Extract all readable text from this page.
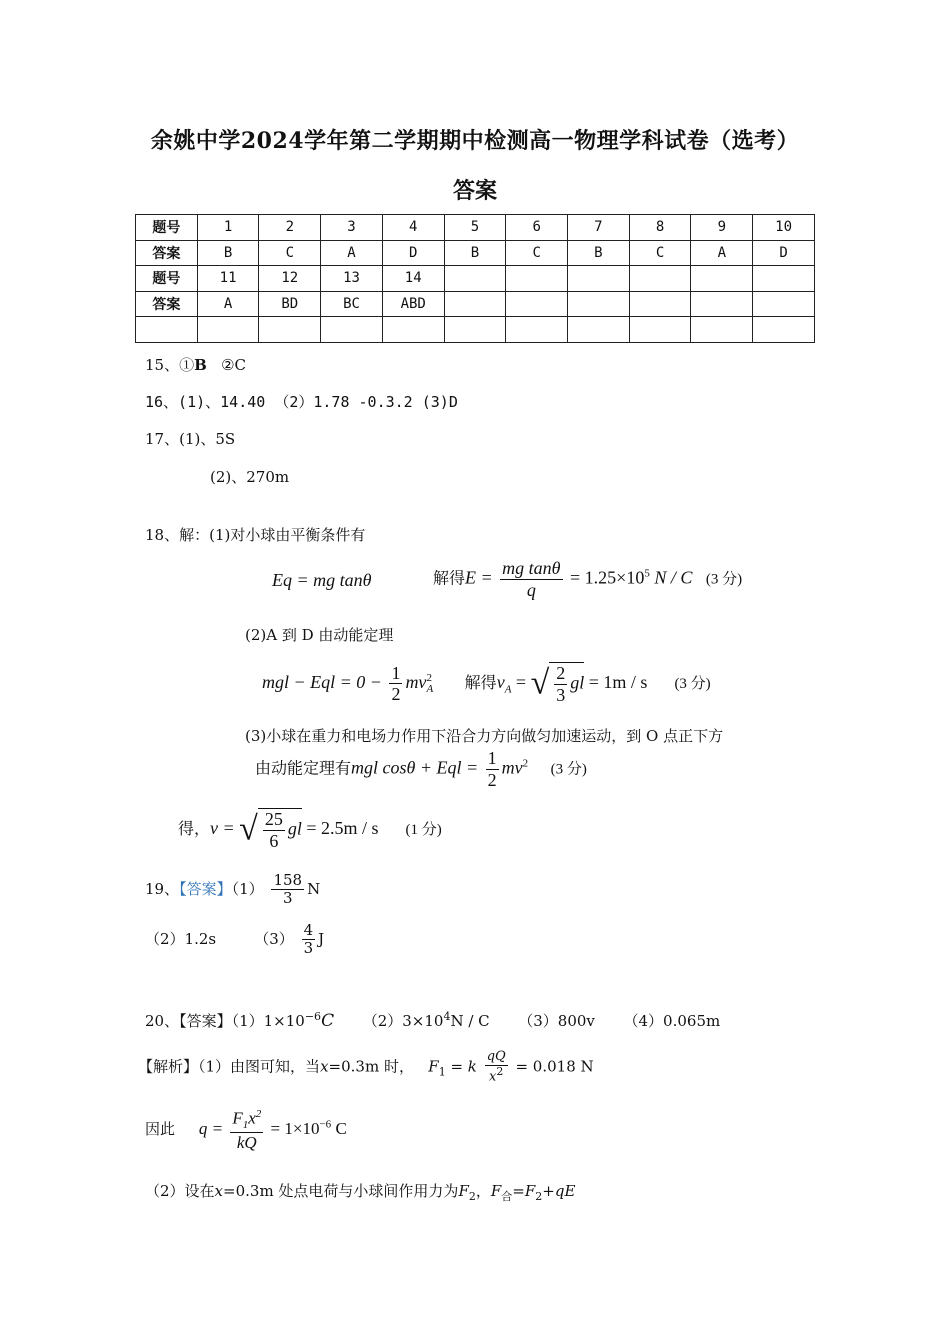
余姚中学2024学年第二学期期中检测高一物理学科试卷（选考）
答案
题号	1	2	3	4	5	6	7	8	9	10
答案	B	C	A	D	B	C	B	C	A	D
题号	11	12	13	14						
答案	A	BD	BC	ABD						

15、①B ②C
16、(1)、14.40 （2）1.78 -0.3.2 (3)D
17、(1)、5S
(2)、270m
18、解：(1)对小球由平衡条件有
Eq = mg tanθ	解得$E = \frac{\text{mg tanθ}}{q} = 1.25\times 10^5$ N / C (3 分)
(2)A 到 D 由动能定理
mgl − Eql = $0 - \frac{1}{2}$ mv 2
A 解得$v_A$ = √ $\frac{2}{3}$ gl = 1m / s (3 分)
(3)小球在重力和电场力作用下沿合力方向做匀加速运动，到 O 点正下方
由动能定理有mgl cosθ + Eql = $\frac{1}{2} mv^2$ (3 分)
得，v = √ $\frac{25}{6}$ gl = 2.5m / s (1 分)
19、【答案】$(1) \frac{158}{3}$ N
（2）1.2s	$(3) \frac{4}{3}$ J
20、【答案】$(1)1\times 10^{-6}C$ $(2)3\times 10^4N / C$ （3）800v （4）0.065m
【解析】（1）由图可知，当x=0.3m 时， $F_1 = k \frac{qQ}{x^2} = 0.018$ N
因此 $q = \frac{F_1x^2}{kQ} = 1\times 10^{-6}$ C
（2）设在x=0.3m 处点电荷与小球间作用力为$F_2$，$F_合=F_2+qE$
